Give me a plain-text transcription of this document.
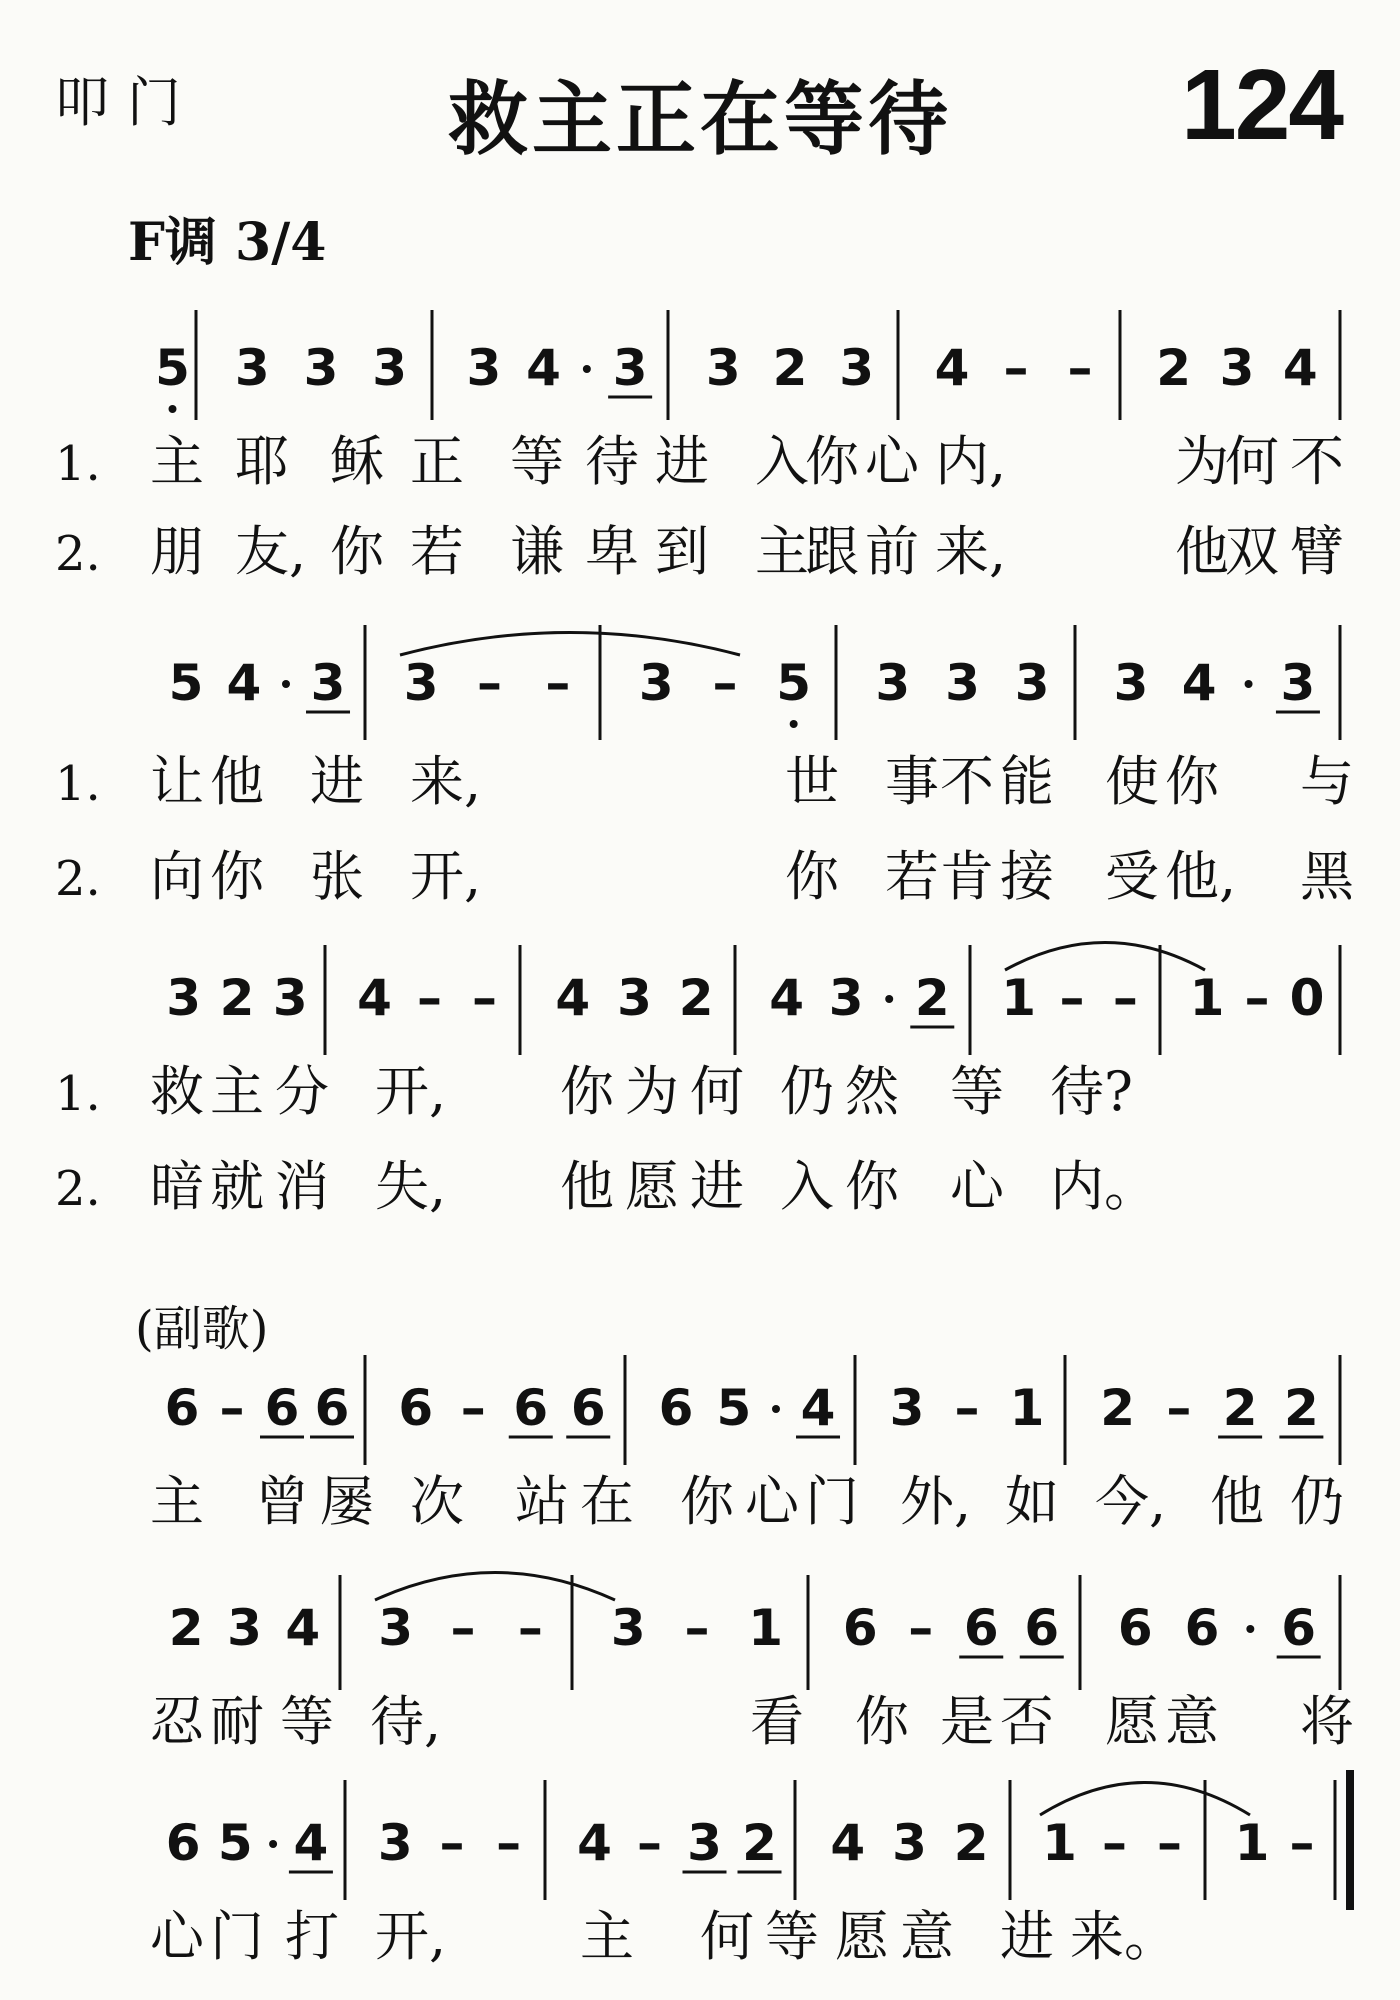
叩门	救主正在等待	124
F调 3/4
(副歌)
5 3 3 3 3 4 3 3 2 3 4 – – 2 3 4
1. 主 耶 稣 正 等 待 进 入
你 心 内,	为
何 不
2. 朋 友, 你 若 谦 卑 到 主
跟 前 来,	他
双 臂
5 4 3 3 – – 3 – 5 3 3 3 3 4 3
1. 让 他 进 来,	世 事 不 能 使 你 与
2. 向 你 张 开,	你 若 肯 接 受 他, 黑
3 2 3 4 – – 4 3 2 4 3 2 1 – – 1 – 0
1. 救 主 分 开, 你 为 何 仍 然 等 待?
2. 暗 就 消 失, 他 愿 进 入 你 心 内。
6 – 6 6 6 – 6 6 6 5 4 3 – 1 2 – 2 2
主 曾 屡 次 站 在 你 心 门 外, 如 今, 他 仍
2 3 4 3 – – 3 – 1 6 – 6 6 6 6 6
忍 耐 等 待,	看 你 是 否 愿 意 将
6 5 4 3 – – 4 – 3 2 4 3 2 1 – – 1 –
心 门 打 开, 主 何 等 愿 意 进 来。
